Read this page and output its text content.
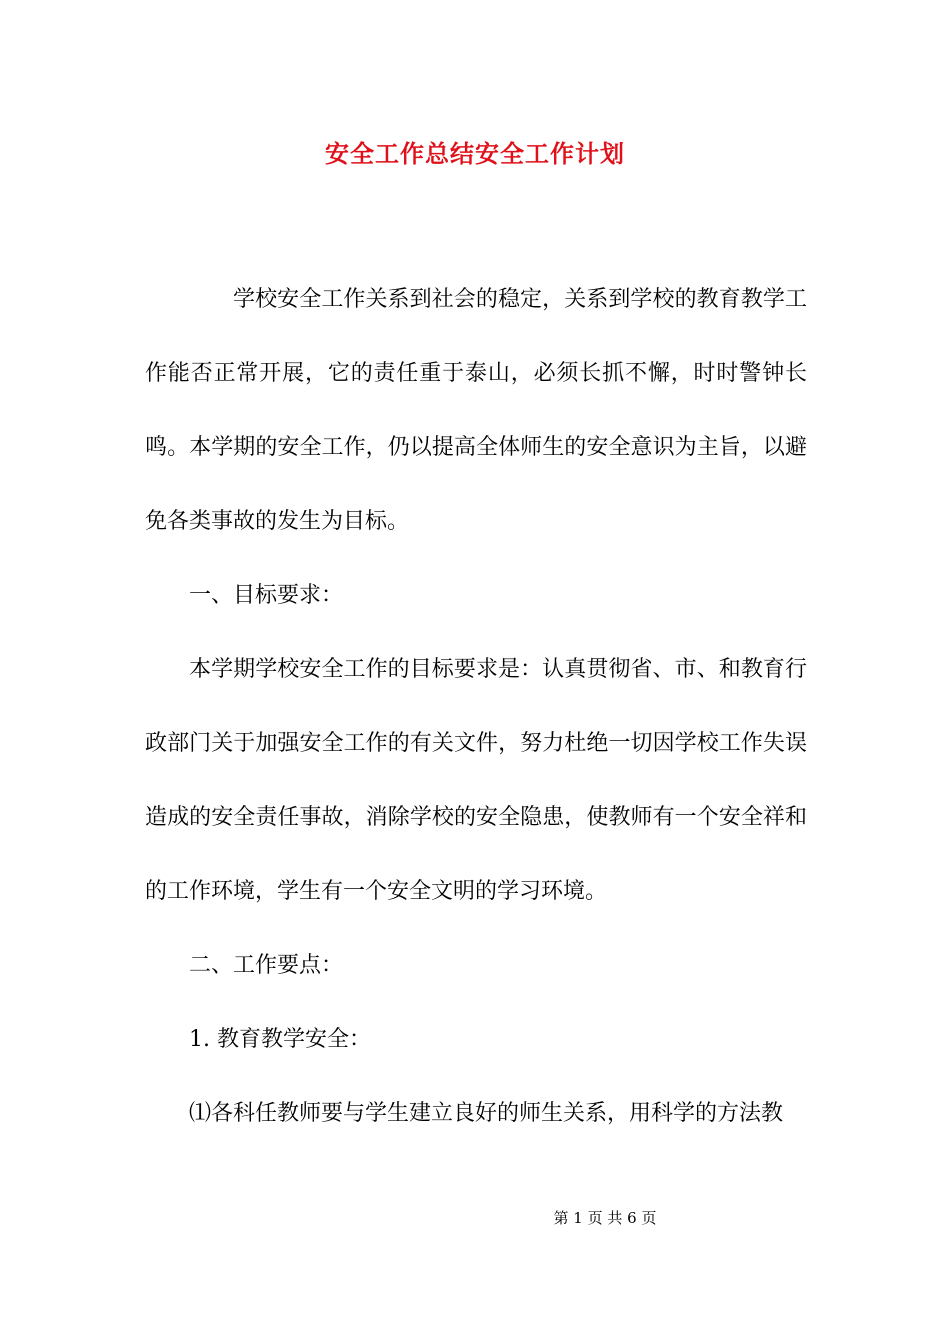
安全工作总结安全工作计划

学校安全工作关系到社会的稳定，关系到学校的教育教学工作能否正常开展，它的责任重于泰山，必须长抓不懈，时时警钟长鸣。本学期的安全工作，仍以提高全体师生的安全意识为主旨，以避免各类事故的发生为目标。

一、目标要求：

本学期学校安全工作的目标要求是：认真贯彻省、市、和教育行政部门关于加强安全工作的有关文件，努力杜绝一切因学校工作失误造成的安全责任事故，消除学校的安全隐患，使教师有一个安全祥和的工作环境，学生有一个安全文明的学习环境。

二、工作要点：

1. 教育教学安全：

⑴各科任教师要与学生建立良好的师生关系，用科学的方法教

第 1 页 共 6 页
